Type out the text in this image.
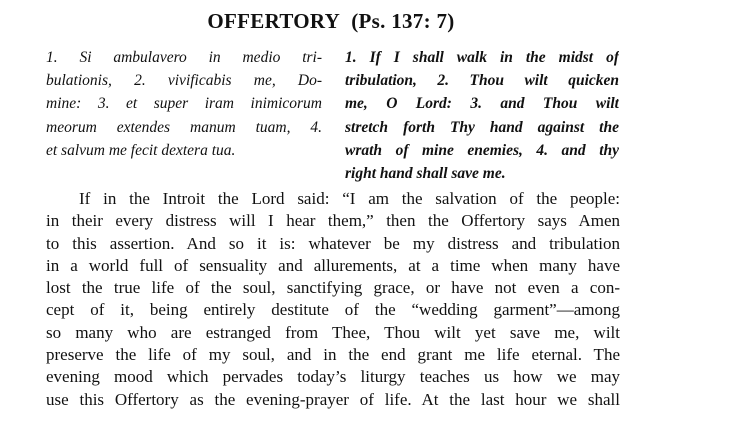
OFFERTORY (Ps. 137: 7)
1. Si ambulavero in medio tri-
bulationis, 2. vivificabis me, Do-
mine: 3. et super iram inimicorum
meorum extendes manum tuam, 4.
et salvum me fecit dextera tua.
1. If I shall walk in the midst of
tribulation, 2. Thou wilt quicken
me, O Lord: 3. and Thou wilt
stretch forth Thy hand against the
wrath of mine enemies, 4. and thy
right hand shall save me.
If in the Introit the Lord said: “I am the salvation of the people:
in their every distress will I hear them,” then the Offertory says Amen
to this assertion. And so it is: whatever be my distress and tribulation
in a world full of sensuality and allurements, at a time when many have
lost the true life of the soul, sanctifying grace, or have not even a con-
cept of it, being entirely destitute of the “wedding garment”—among
so many who are estranged from Thee, Thou wilt yet save me, wilt
preserve the life of my soul, and in the end grant me life eternal. The
evening mood which pervades today’s liturgy teaches us how we may
use this Offertory as the evening-prayer of life. At the last hour we shall
